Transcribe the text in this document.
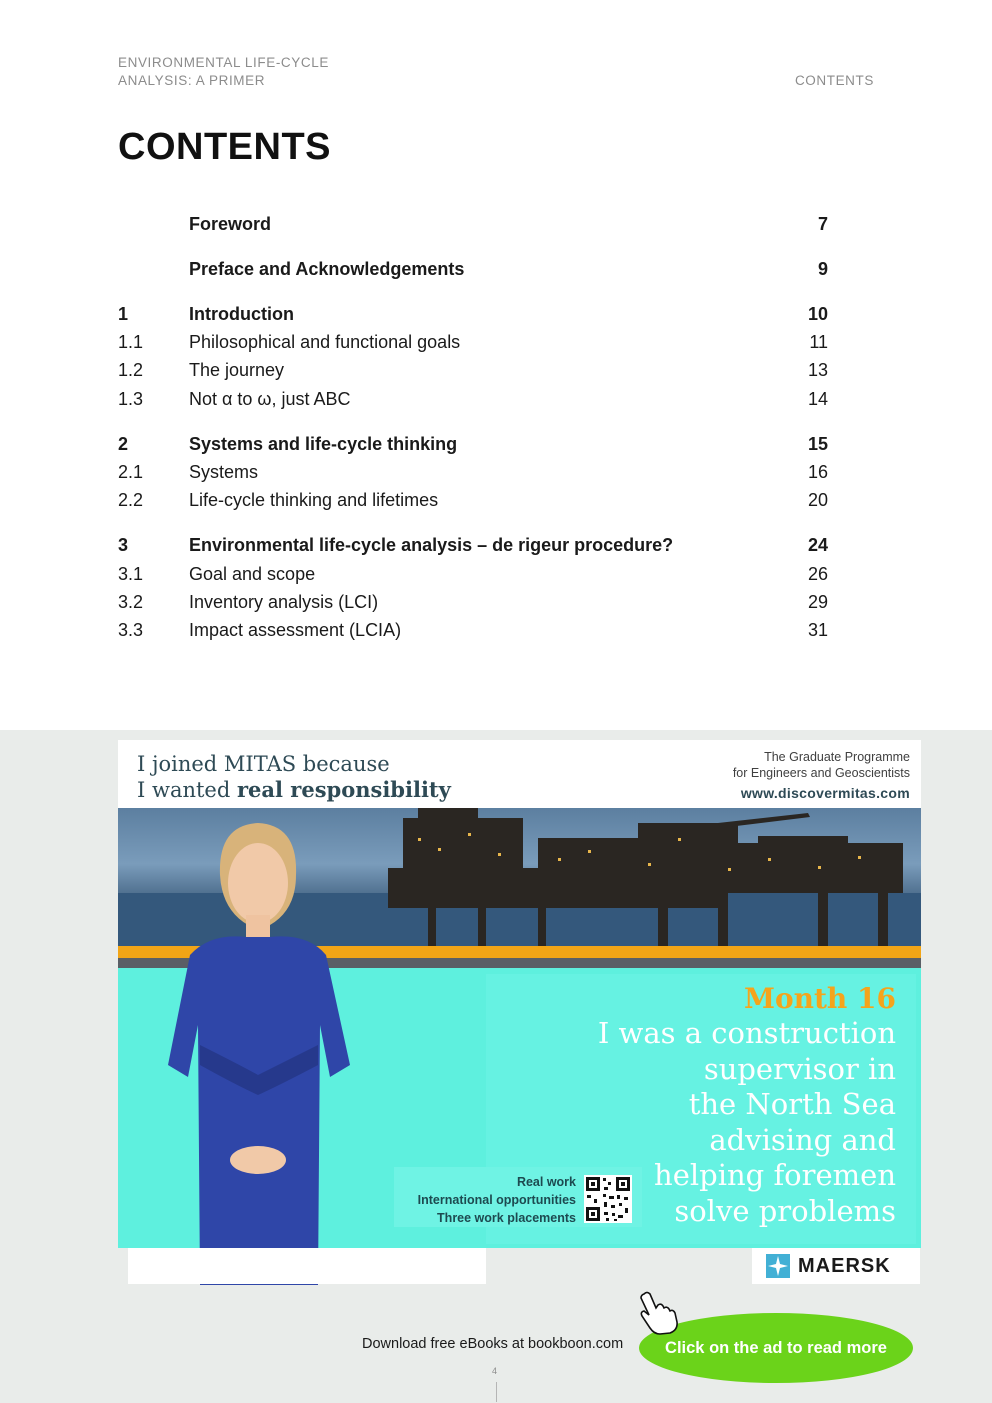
ENVIRONMENTAL LIFE-CYCLE
ANALYSIS: A PRIMER	CONTENTS
CONTENTS
Foreword	7
Preface and Acknowledgements	9
1	Introduction	10
1.1	Philosophical and functional goals	11
1.2	The journey	13
1.3	Not α to ω, just ABC	14
2	Systems and life-cycle thinking	15
2.1	Systems	16
2.2	Life-cycle thinking and lifetimes	20
3	Environmental life-cycle analysis – de rigeur procedure?	24
3.1	Goal and scope	26
3.2	Inventory analysis (LCI)	29
3.3	Impact assessment (LCIA)	31
I joined MITAS because
I wanted real responsibility
The Graduate Programme
for Engineers and Geoscientists
www.discovermitas.com
Month 16
I was a construction
supervisor in
the North Sea
advising and
helping foremen
solve problems
Real work
International opportunities
Three work placements
MAERSK
Download free eBooks at bookboon.com	Click on the ad to read more
4
